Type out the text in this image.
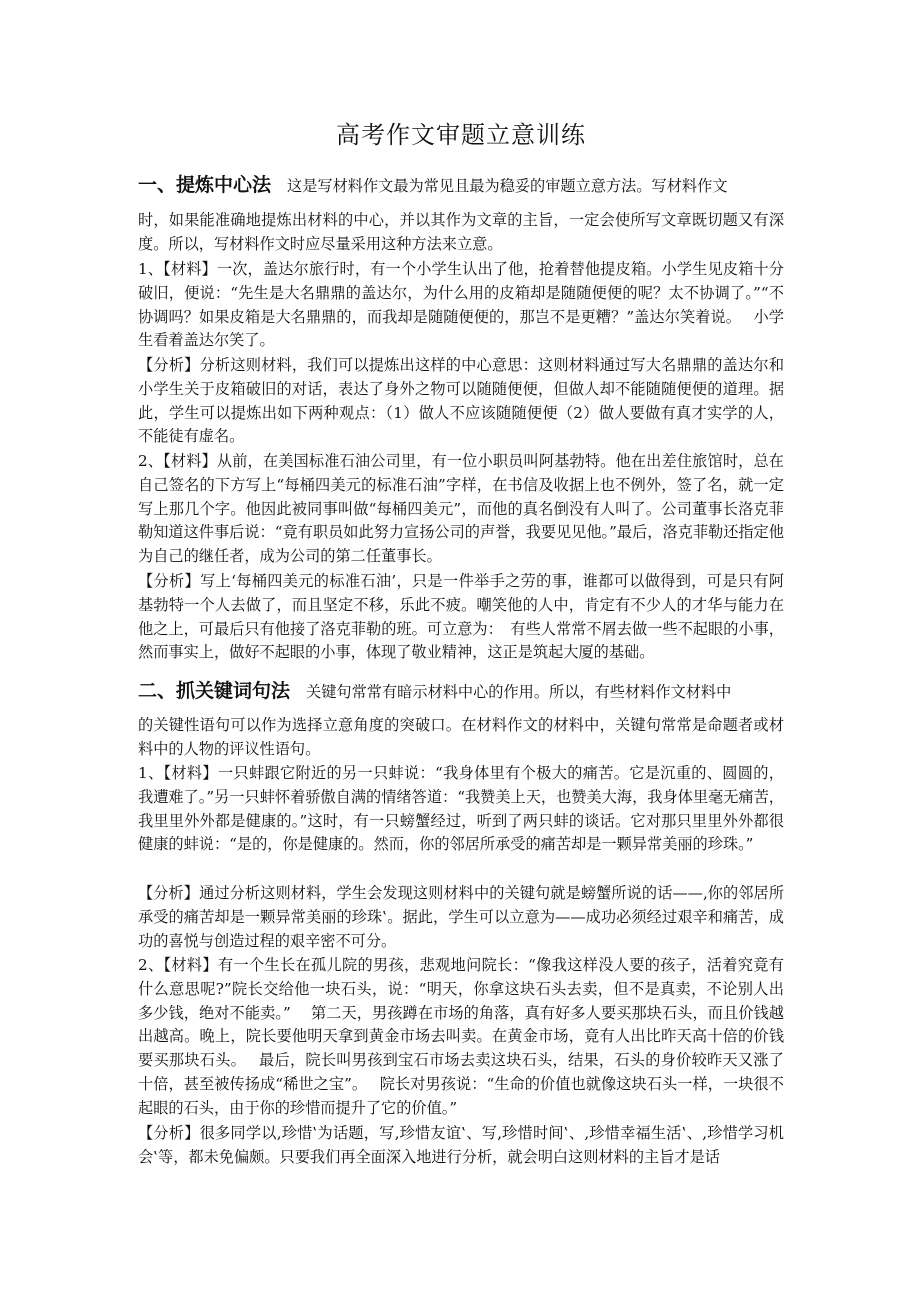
高考作文审题立意训练
一、提炼中心法 这是写材料作文最为常见且最为稳妥的审题立意方法。写材料作文
时，如果能准确地提炼出材料的中心，并以其作为文章的主旨，一定会使所写文章既切题又有深度。所以，写材料作文时应尽量采用这种方法来立意。
1、【材料】一次，盖达尔旅行时，有一个小学生认出了他，抢着替他提皮箱。小学生见皮箱十分破旧，便说：“先生是大名鼎鼎的盖达尔，为什么用的皮箱却是随随便便的呢？太不协调了。”“不协调吗？如果皮箱是大名鼎鼎的，而我却是随随便便的，那岂不是更糟？”盖达尔笑着说。　 小学生看着盖达尔笑了。
【分析】分析这则材料，我们可以提炼出这样的中心意思：这则材料通过写大名鼎鼎的盖达尔和小学生关于皮箱破旧的对话，表达了身外之物可以随随便便，但做人却不能随随便便的道理。据此，学生可以提炼出如下两种观点：（1）做人不应该随随便便（2）做人要做有真才实学的人，不能徒有虚名。
2、【材料】从前，在美国标准石油公司里，有一位小职员叫阿基勃特。他在出差住旅馆时，总在自己签名的下方写上“每桶四美元的标准石油”字样，在书信及收据上也不例外，签了名，就一定写上那几个字。他因此被同事叫做“每桶四美元”，而他的真名倒没有人叫了。公司董事长洛克菲勒知道这件事后说：“竟有职员如此努力宣扬公司的声誉，我要见见他。”最后，洛克菲勒还指定他为自己的继任者，成为公司的第二任董事长。
【分析】写上‘每桶四美元的标准石油’，只是一件举手之劳的事，谁都可以做得到，可是只有阿基勃特一个人去做了，而且坚定不移，乐此不疲。嘲笑他的人中，肯定有不少人的才华与能力在他之上，可最后只有他接了洛克菲勒的班。可立意为：　有些人常常不屑去做一些不起眼的小事，然而事实上，做好不起眼的小事，体现了敬业精神，这正是筑起大厦的基础。
二、抓关键词句法 关键句常常有暗示材料中心的作用。所以，有些材料作文材料中
的关键性语句可以作为选择立意角度的突破口。在材料作文的材料中，关键句常常是命题者或材料中的人物的评议性语句。
1、【材料】一只蚌跟它附近的另一只蚌说：“我身体里有个极大的痛苦。它是沉重的、圆圆的，我遭难了。”另一只蚌怀着骄傲自满的情绪答道：“我赞美上天，也赞美大海，我身体里毫无痛苦，我里里外外都是健康的。”这时，有一只螃蟹经过，听到了两只蚌的谈话。它对那只里里外外都很健康的蚌说：“是的，你是健康的。然而，你的邻居所承受的痛苦却是一颗异常美丽的珍珠。”
【分析】通过分析这则材料，学生会发现这则材料中的关键句就是螃蟹所说的话——‚你的邻居所承受的痛苦却是一颗异常美丽的珍珠‛。据此，学生可以立意为——成功必须经过艰辛和痛苦，成功的喜悦与创造过程的艰辛密不可分。
2、【材料】有一个生长在孤儿院的男孩，悲观地问院长：“像我这样没人要的孩子，活着究竟有什么意思呢?”院长交给他一块石头，说：“明天，你拿这块石头去卖，但不是真卖，不论别人出多少钱，绝对不能卖。”　 第二天，男孩蹲在市场的角落，真有好多人要买那块石头，而且价钱越出越高。晚上，院长要他明天拿到黄金市场去叫卖。在黄金市场，竟有人出比昨天高十倍的价钱要买那块石头。　 最后，院长叫男孩到宝石市场去卖这块石头，结果，石头的身价较昨天又涨了十倍，甚至被传扬成“稀世之宝”。　 院长对男孩说：“生命的价值也就像这块石头一样，一块很不起眼的石头，由于你的珍惜而提升了它的价值。”
【分析】很多同学以‚珍惜‛为话题，写‚珍惜友谊‛、写‚珍惜时间‛、‚珍惜幸福生活‛、‚珍惜学习机会‛等，都未免偏颇。只要我们再全面深入地进行分析，就会明白这则材料的主旨才是话
